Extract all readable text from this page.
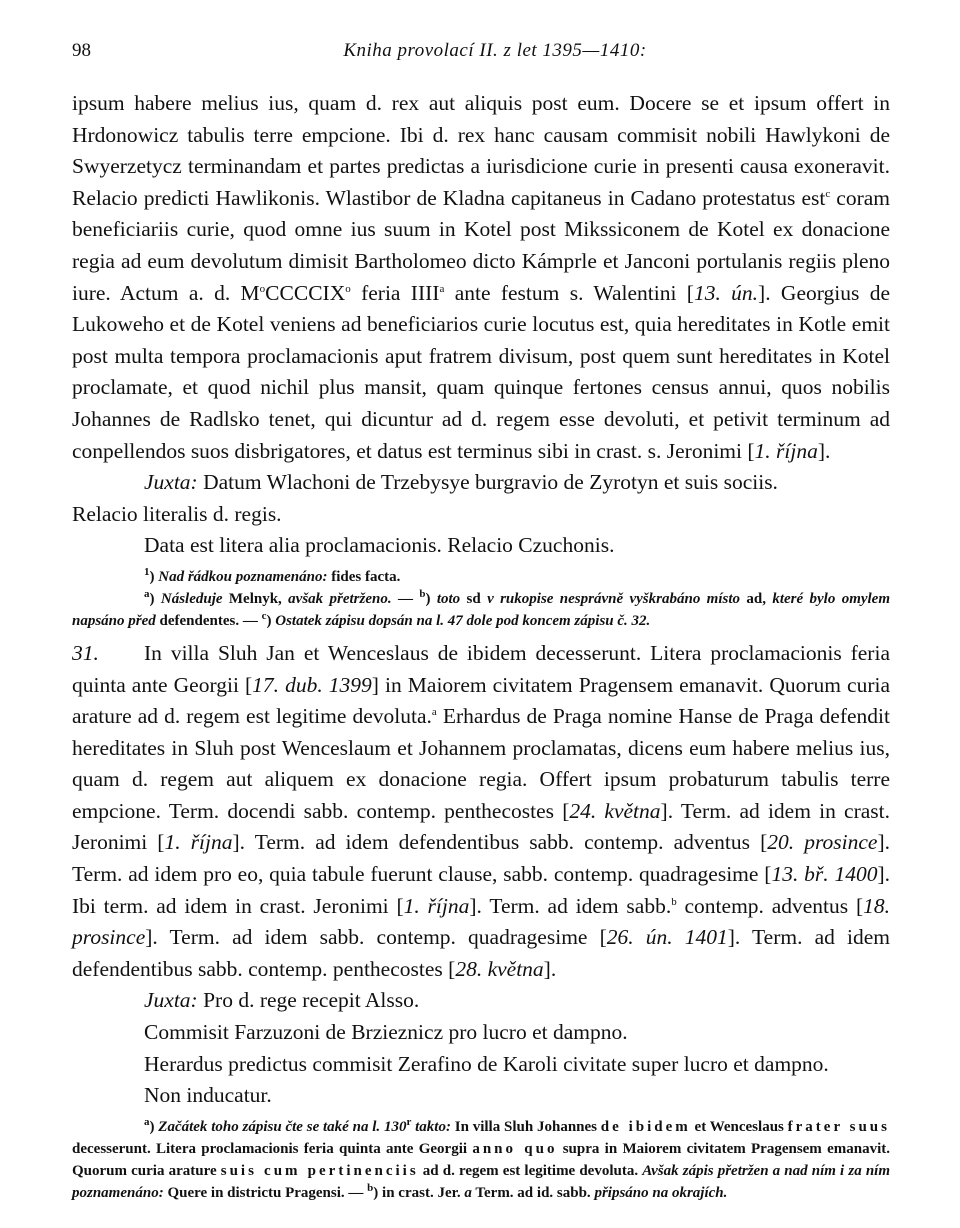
98	Kniha provolací II. z let 1395—1410:

ipsum habere melius ius, quam d. rex aut aliquis post eum. Docere se et ipsum offert in Hrdonowicz tabulis terre empcione. Ibi d. rex hanc causam commisit nobili Hawlykoni de Swyerzetycz terminandam et partes predictas a iurisdicione curie in presenti causa exoneravit. Relacio predicti Hawlikonis. Wlastibor de Kladna capitaneus in Cadano protestatus est$^c$ coram beneficiariis curie, quod omne ius suum in Kotel post Mikssiconem de Kotel ex donacione regia ad eum devolutum dimisit Bartholomeo dicto Kámprle et Janconi portulanis regiis pleno iure. Actum a. d. $M^oCCCCIX^o$ feria IIII$^a$ ante festum s. Walentini [13. ún.]. Georgius de Lukoweho et de Kotel veniens ad beneficiarios curie locutus est, quia hereditates in Kotle emit post multa tempora proclamacionis aput fratrem divisum, post quem sunt hereditates in Kotel proclamate, et quod nichil plus mansit, quam quinque fertones census annui, quos nobilis Johannes de Radlsko tenet, qui dicuntur ad d. regem esse devoluti, et petivit terminum ad conpellendos suos disbrigatores, et datus est terminus sibi in crast. s. Jeronimi [1. října].

Juxta: Datum Wlachoni de Trzebysye burgravio de Zyrotyn et suis sociis.

Relacio literalis d. regis.

Data est litera alia proclamacionis. Relacio Czuchonis.

$^1$) Nad řádkou poznamenáno: fides facta.

$^a$) Následuje Melnyk, avšak přetrženo. — $^b$) toto sd v rukopise nesprávně vyškrabáno místo ad, které bylo omylem napsáno před defendentes. — $^c$) Ostatek zápisu dopsán na l. 47 dole pod koncem zápisu č. 32.

31. In villa Sluh Jan et Wenceslaus de ibidem decesserunt. Litera proclamacionis feria quinta ante Georgii [17. dub. 1399] in Maiorem civitatem Pragensem emanavit. Quorum curia arature ad d. regem est legitime devoluta.$^a$ Erhardus de Praga nomine Hanse de Praga defendit hereditates in Sluh post Wenceslaum et Johannem proclamatas, dicens eum habere melius ius, quam d. regem aut aliquem ex donacione regia. Offert ipsum probaturum tabulis terre empcione. Term. docendi sabb. contemp. penthecostes [24. května]. Term. ad idem in crast. Jeronimi [1. října]. Term. ad idem defendentibus sabb. contemp. adventus [20. prosince]. Term. ad idem pro eo, quia tabule fuerunt clause, sabb. contemp. quadragesime [13. bř. 1400]. Ibi term. ad idem in crast. Jeronimi [1. října]. Term. ad idem sabb.$^b$ contemp. adventus [18. prosince]. Term. ad idem sabb. contemp. quadragesime [26. ún. 1401]. Term. ad idem defendentibus sabb. contemp. penthecostes [28. května].

Juxta: Pro d. rege recepit Alsso.

Commisit Farzuzoni de Brzieznicz pro lucro et dampno.

Herardus predictus commisit Zerafino de Karoli civitate super lucro et dampno.

Non inducatur.

$^a$) Začátek toho zápisu čte se také na l. 130$^r$ takto: In villa Sluh Johannes de ibidem et Wenceslaus frater suus decesserunt. Litera proclamacionis feria quinta ante Georgii anno quo supra in Maiorem civitatem Pragensem emanavit. Quorum curia arature suis cum pertinenciis ad d. regem est legitime devoluta. Avšak zápis přetržen a nad ním i za ním poznamenáno: Quere in districtu Pragensi. — $^b$) in crast. Jer. a Term. ad id. sabb. připsáno na okrajích.
